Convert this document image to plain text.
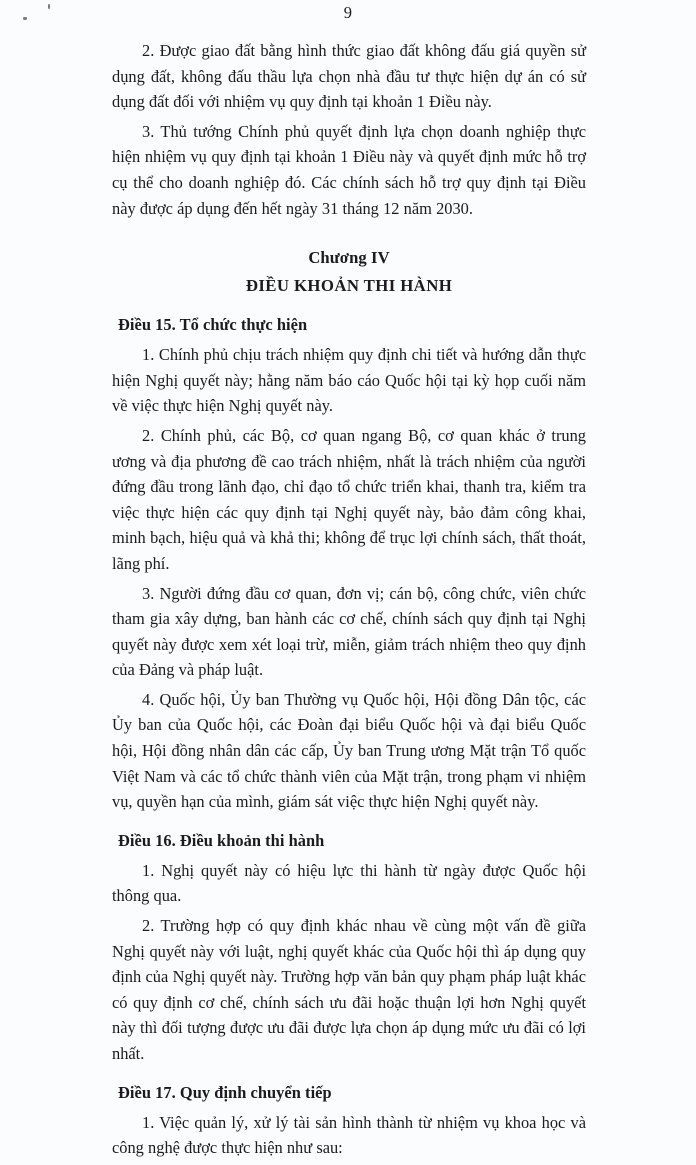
9

2. Được giao đất bằng hình thức giao đất không đấu giá quyền sử dụng đất, không đấu thầu lựa chọn nhà đầu tư thực hiện dự án có sử dụng đất đối với nhiệm vụ quy định tại khoản 1 Điều này.

3. Thủ tướng Chính phủ quyết định lựa chọn doanh nghiệp thực hiện nhiệm vụ quy định tại khoản 1 Điều này và quyết định mức hỗ trợ cụ thể cho doanh nghiệp đó. Các chính sách hỗ trợ quy định tại Điều này được áp dụng đến hết ngày 31 tháng 12 năm 2030.

Chương IV
ĐIỀU KHOẢN THI HÀNH
Điều 15. Tổ chức thực hiện

1. Chính phủ chịu trách nhiệm quy định chi tiết và hướng dẫn thực hiện Nghị quyết này; hằng năm báo cáo Quốc hội tại kỳ họp cuối năm về việc thực hiện Nghị quyết này.

2. Chính phủ, các Bộ, cơ quan ngang Bộ, cơ quan khác ở trung ương và địa phương đề cao trách nhiệm, nhất là trách nhiệm của người đứng đầu trong lãnh đạo, chỉ đạo tổ chức triển khai, thanh tra, kiểm tra việc thực hiện các quy định tại Nghị quyết này, bảo đảm công khai, minh bạch, hiệu quả và khả thi; không để trục lợi chính sách, thất thoát, lãng phí.

3. Người đứng đầu cơ quan, đơn vị; cán bộ, công chức, viên chức tham gia xây dựng, ban hành các cơ chế, chính sách quy định tại Nghị quyết này được xem xét loại trừ, miễn, giảm trách nhiệm theo quy định của Đảng và pháp luật.

4. Quốc hội, Ủy ban Thường vụ Quốc hội, Hội đồng Dân tộc, các Ủy ban của Quốc hội, các Đoàn đại biểu Quốc hội và đại biểu Quốc hội, Hội đồng nhân dân các cấp, Ủy ban Trung ương Mặt trận Tổ quốc Việt Nam và các tổ chức thành viên của Mặt trận, trong phạm vi nhiệm vụ, quyền hạn của mình, giám sát việc thực hiện Nghị quyết này.

Điều 16. Điều khoản thi hành

1. Nghị quyết này có hiệu lực thi hành từ ngày được Quốc hội thông qua.

2. Trường hợp có quy định khác nhau về cùng một vấn đề giữa Nghị quyết này với luật, nghị quyết khác của Quốc hội thì áp dụng quy định của Nghị quyết này. Trường hợp văn bản quy phạm pháp luật khác có quy định cơ chế, chính sách ưu đãi hoặc thuận lợi hơn Nghị quyết này thì đối tượng được ưu đãi được lựa chọn áp dụng mức ưu đãi có lợi nhất.

Điều 17. Quy định chuyển tiếp

1. Việc quản lý, xử lý tài sản hình thành từ nhiệm vụ khoa học và công nghệ được thực hiện như sau:
